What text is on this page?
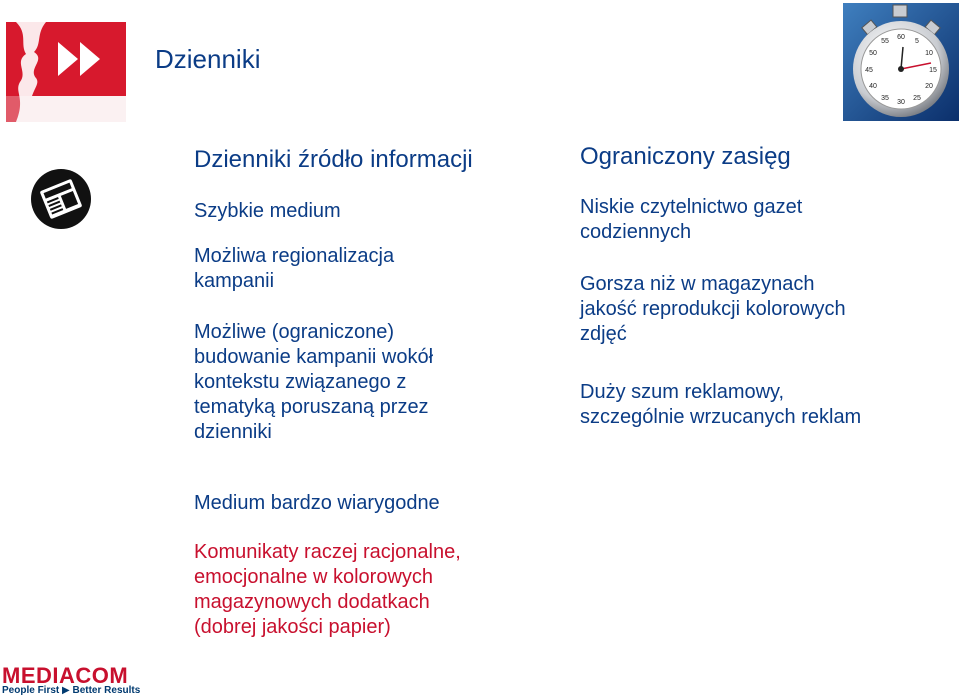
Dzienniki
60
5
10
15
20
25
30
35
40
45
50
55
Dzienniki źródło informacji
Szybkie medium
Możliwa regionalizacja
kampanii
Możliwe (ograniczone)
budowanie kampanii wokół
kontekstu związanego z
tematyką poruszaną przez
dzienniki
Medium bardzo wiarygodne
Komunikaty raczej racjonalne,
emocjonalne w kolorowych
magazynowych dodatkach
(dobrej jakości papier)
Ograniczony zasięg
Niskie czytelnictwo gazet
codziennych
Gorsza niż w magazynach
jakość reprodukcji kolorowych
zdjęć
Duży szum reklamowy,
szczególnie wrzucanych reklam
MEDIACOM
People First ▶ Better Results
